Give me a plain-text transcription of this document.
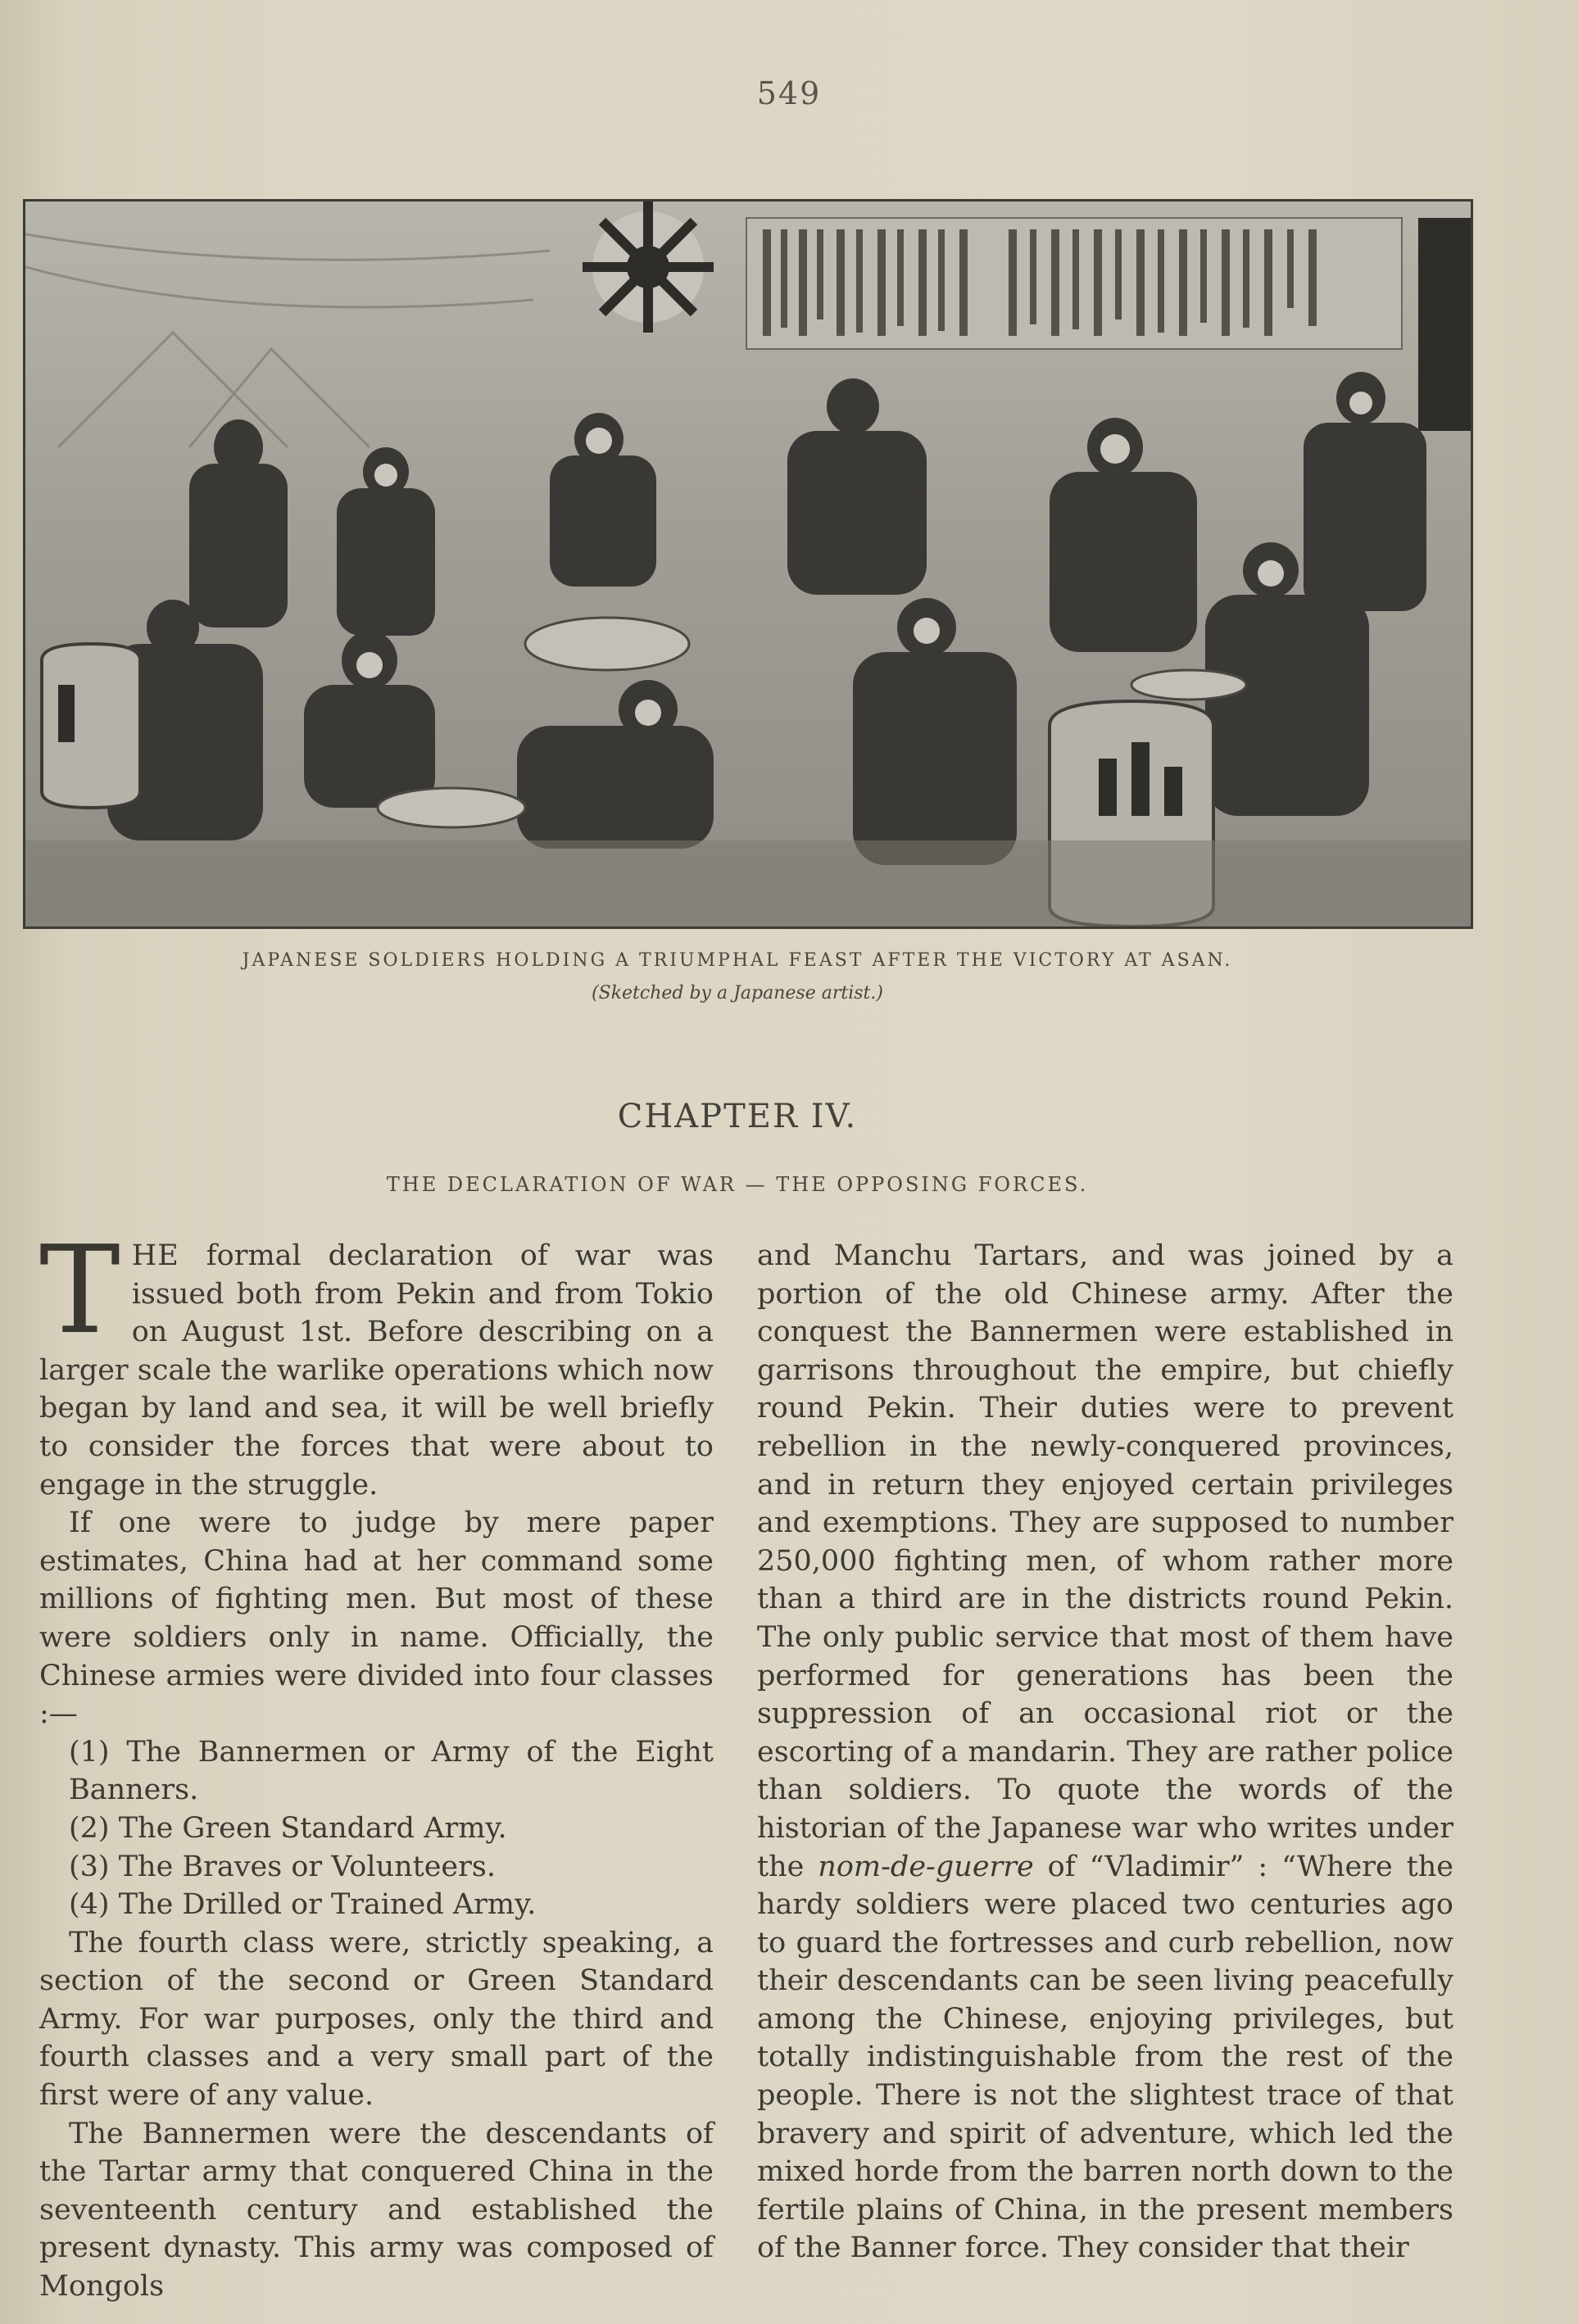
549
JAPANESE SOLDIERS HOLDING A TRIUMPHAL FEAST AFTER THE VICTORY AT ASAN.
(Sketched by a Japanese artist.)
CHAPTER IV.
THE DECLARATION OF WAR — THE OPPOSING FORCES.

THE formal declaration of war was issued both from Pekin and from Tokio on August 1st. Before describing on a larger scale the warlike operations which now began by land and sea, it will be well briefly to consider the forces that were about to engage in the struggle.

If one were to judge by mere paper estimates, China had at her command some millions of fighting men. But most of these were soldiers only in name. Officially, the Chinese armies were divided into four classes :—

(1) The Bannermen or Army of the Eight Banners.

(2) The Green Standard Army.

(3) The Braves or Volunteers.

(4) The Drilled or Trained Army.

The fourth class were, strictly speaking, a section of the second or Green Standard Army. For war purposes, only the third and fourth classes and a very small part of the first were of any value.

The Bannermen were the descendants of the Tartar army that conquered China in the seventeenth century and established the present dynasty. This army was composed of Mongols

and Manchu Tartars, and was joined by a portion of the old Chinese army. After the conquest the Bannermen were established in garrisons throughout the empire, but chiefly round Pekin. Their duties were to prevent rebellion in the newly-conquered provinces, and in return they enjoyed certain privileges and exemptions. They are supposed to number 250,000 fighting men, of whom rather more than a third are in the districts round Pekin. The only public service that most of them have performed for generations has been the suppression of an occasional riot or the escorting of a mandarin. They are rather police than soldiers. To quote the words of the historian of the Japanese war who writes under the nom-de-guerre of “Vladimir” : “Where the hardy soldiers were placed two centuries ago to guard the fortresses and curb rebellion, now their descendants can be seen living peacefully among the Chinese, enjoying privileges, but totally indistinguishable from the rest of the people. There is not the slightest trace of that bravery and spirit of adventure, which led the mixed horde from the barren north down to the fertile plains of China, in the present members of the Banner force. They consider that their
